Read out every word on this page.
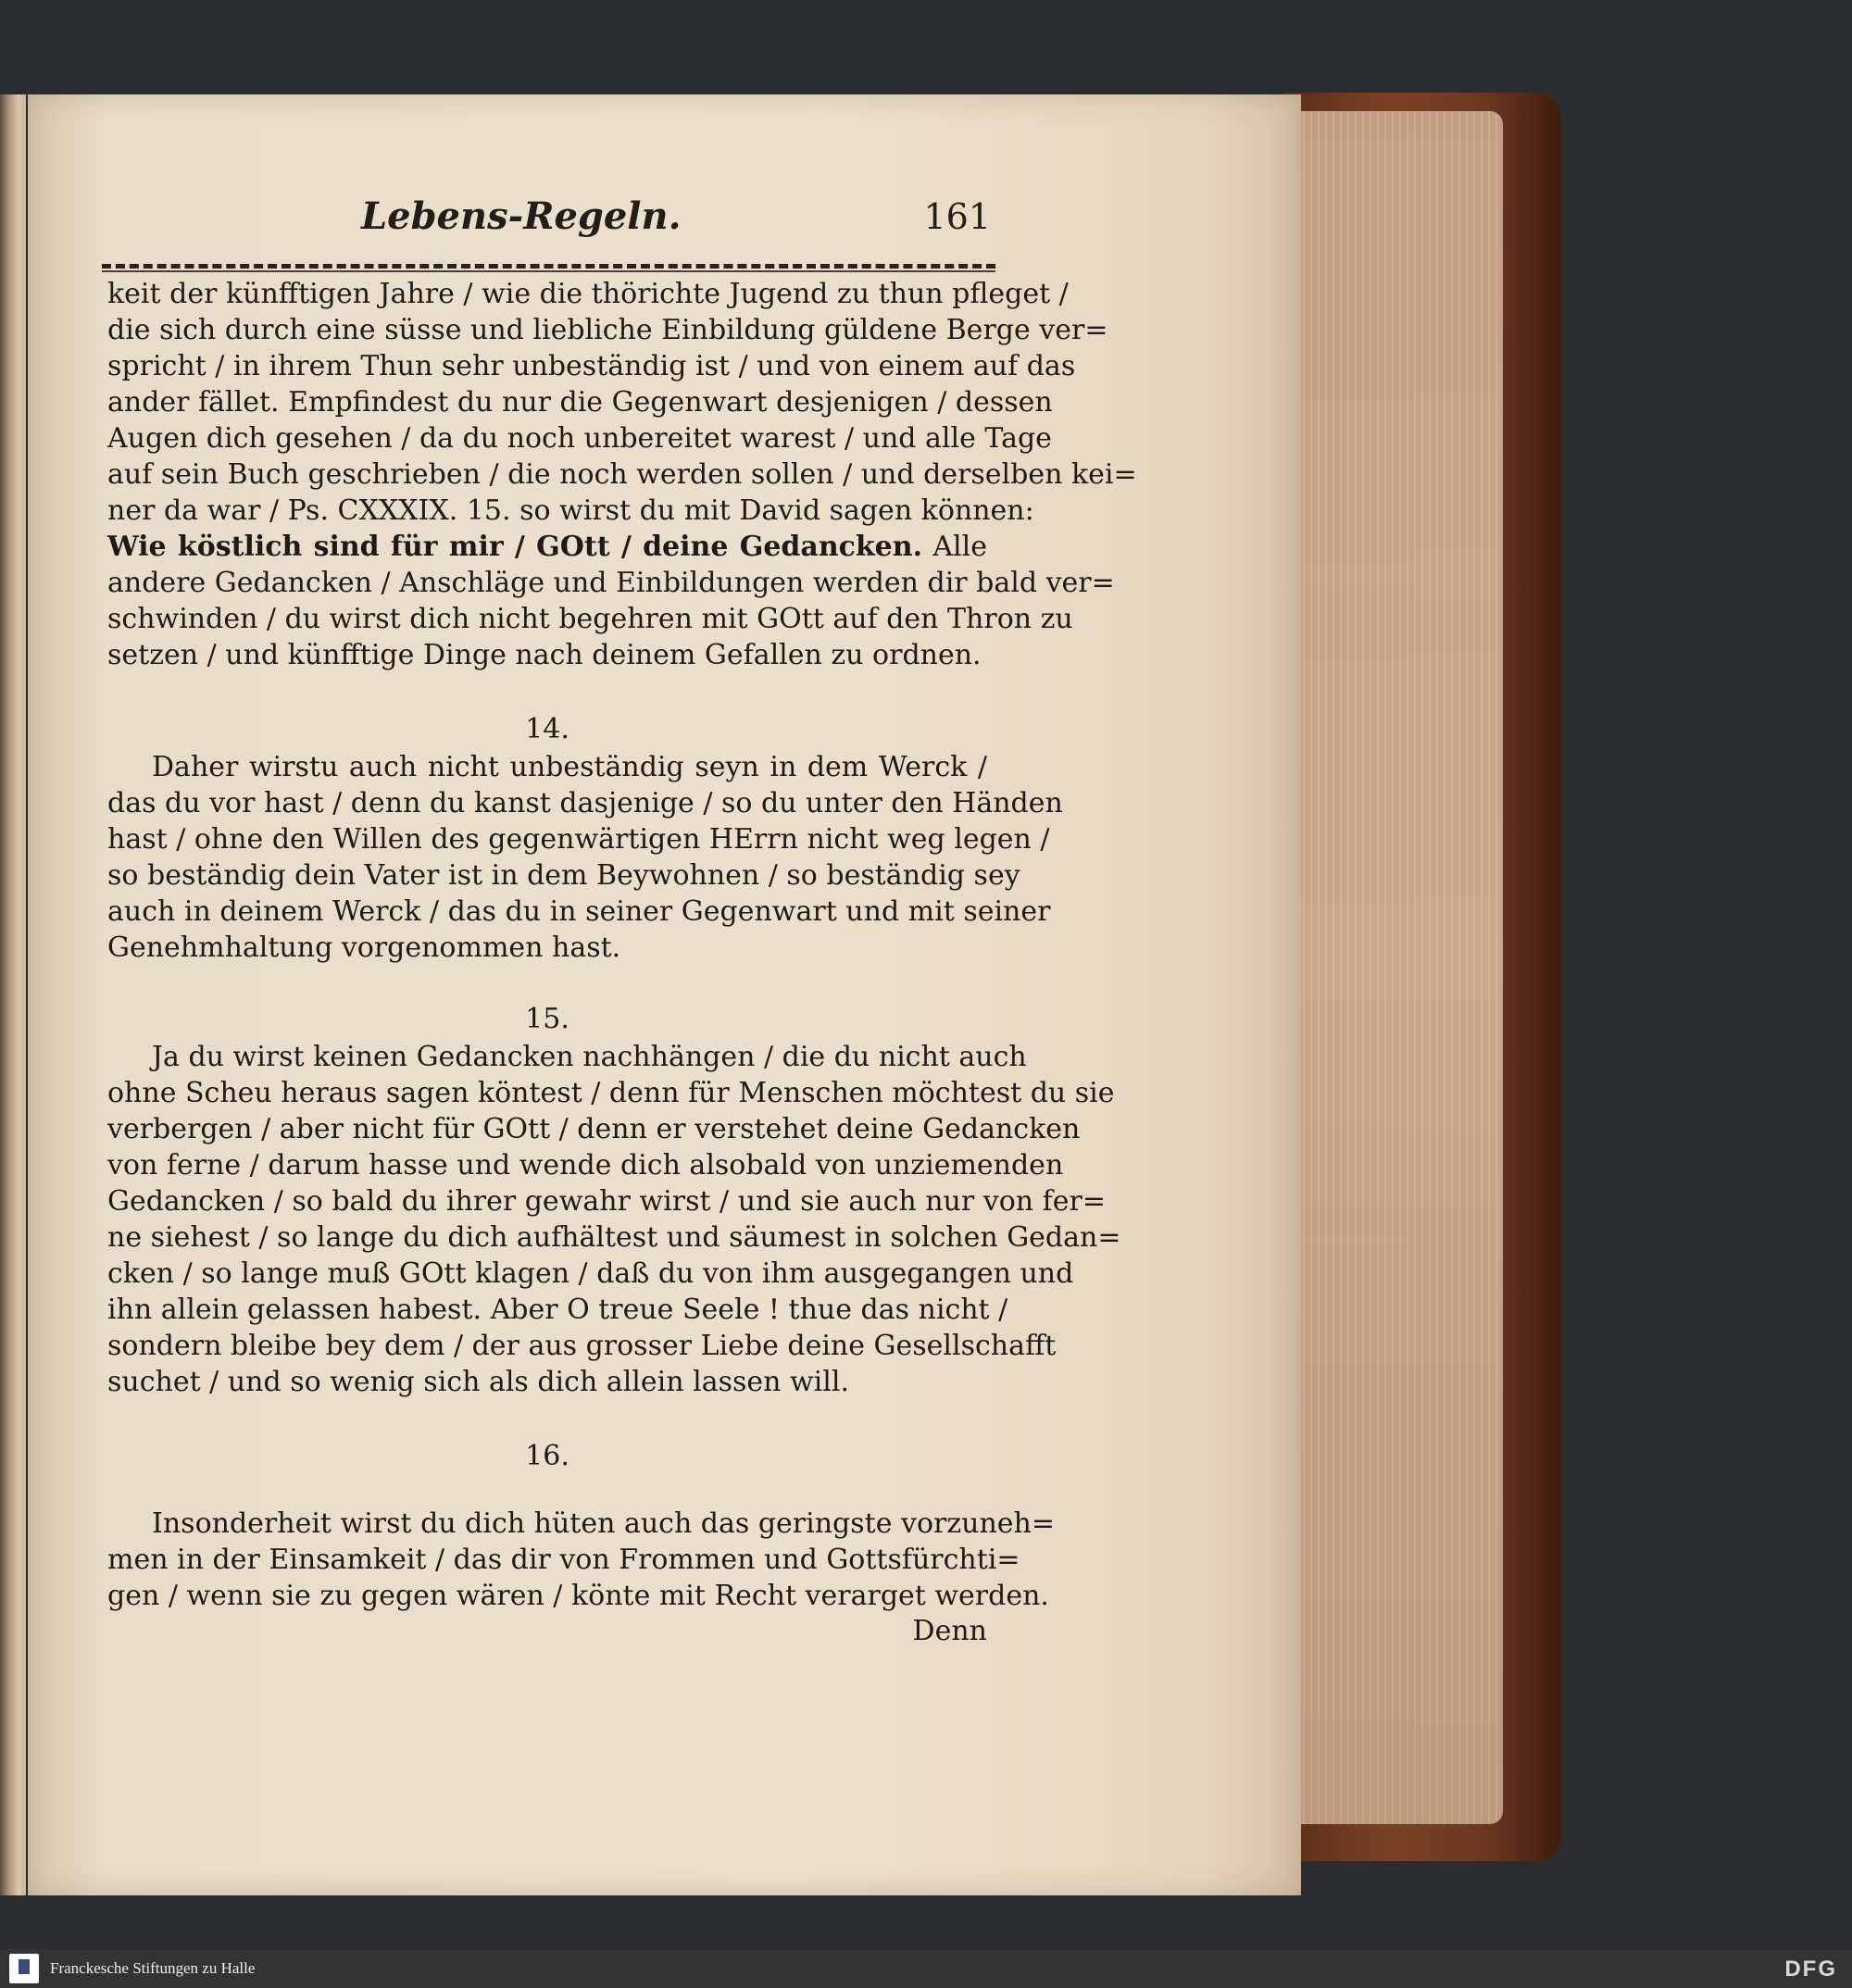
Lebens-Regeln.	161
keit der künfftigen Jahre / wie die thörichte Jugend zu thun pfleget /
die sich durch eine süsse und liebliche Einbildung güldene Berge ver=
spricht / in ihrem Thun sehr unbeständig ist / und von einem auf das
ander fället. Empfindest du nur die Gegenwart desjenigen / dessen
Augen dich gesehen / da du noch unbereitet warest / und alle Tage
auf sein Buch geschrieben / die noch werden sollen / und derselben kei=
ner da war / Ps. CXXXIX. 15. so wirst du mit David sagen können:
Wie köstlich sind für mir / GOtt / deine Gedancken. Alle
andere Gedancken / Anschläge und Einbildungen werden dir bald ver=
schwinden / du wirst dich nicht begehren mit GOtt auf den Thron zu
setzen / und künfftige Dinge nach deinem Gefallen zu ordnen.
14.
Daher wirstu auch nicht unbeständig seyn in dem Werck /
das du vor hast / denn du kanst dasjenige / so du unter den Händen
hast / ohne den Willen des gegenwärtigen HErrn nicht weg legen /
so beständig dein Vater ist in dem Beywohnen / so beständig sey
auch in deinem Werck / das du in seiner Gegenwart und mit seiner
Genehmhaltung vorgenommen hast.
15.
Ja du wirst keinen Gedancken nachhängen / die du nicht auch
ohne Scheu heraus sagen köntest / denn für Menschen möchtest du sie
verbergen / aber nicht für GOtt / denn er verstehet deine Gedancken
von ferne / darum hasse und wende dich alsobald von unziemenden
Gedancken / so bald du ihrer gewahr wirst / und sie auch nur von fer=
ne siehest / so lange du dich aufhältest und säumest in solchen Gedan=
cken / so lange muß GOtt klagen / daß du von ihm ausgegangen und
ihn allein gelassen habest. Aber O treue Seele ! thue das nicht /
sondern bleibe bey dem / der aus grosser Liebe deine Gesellschafft
suchet / und so wenig sich als dich allein lassen will.
16.
Insonderheit wirst du dich hüten auch das geringste vorzuneh=
men in der Einsamkeit / das dir von Frommen und Gottsfürchti=
gen / wenn sie zu gegen wären / könte mit Recht verarget werden.
Denn
Franckesche Stiftungen zu Halle	DFG
